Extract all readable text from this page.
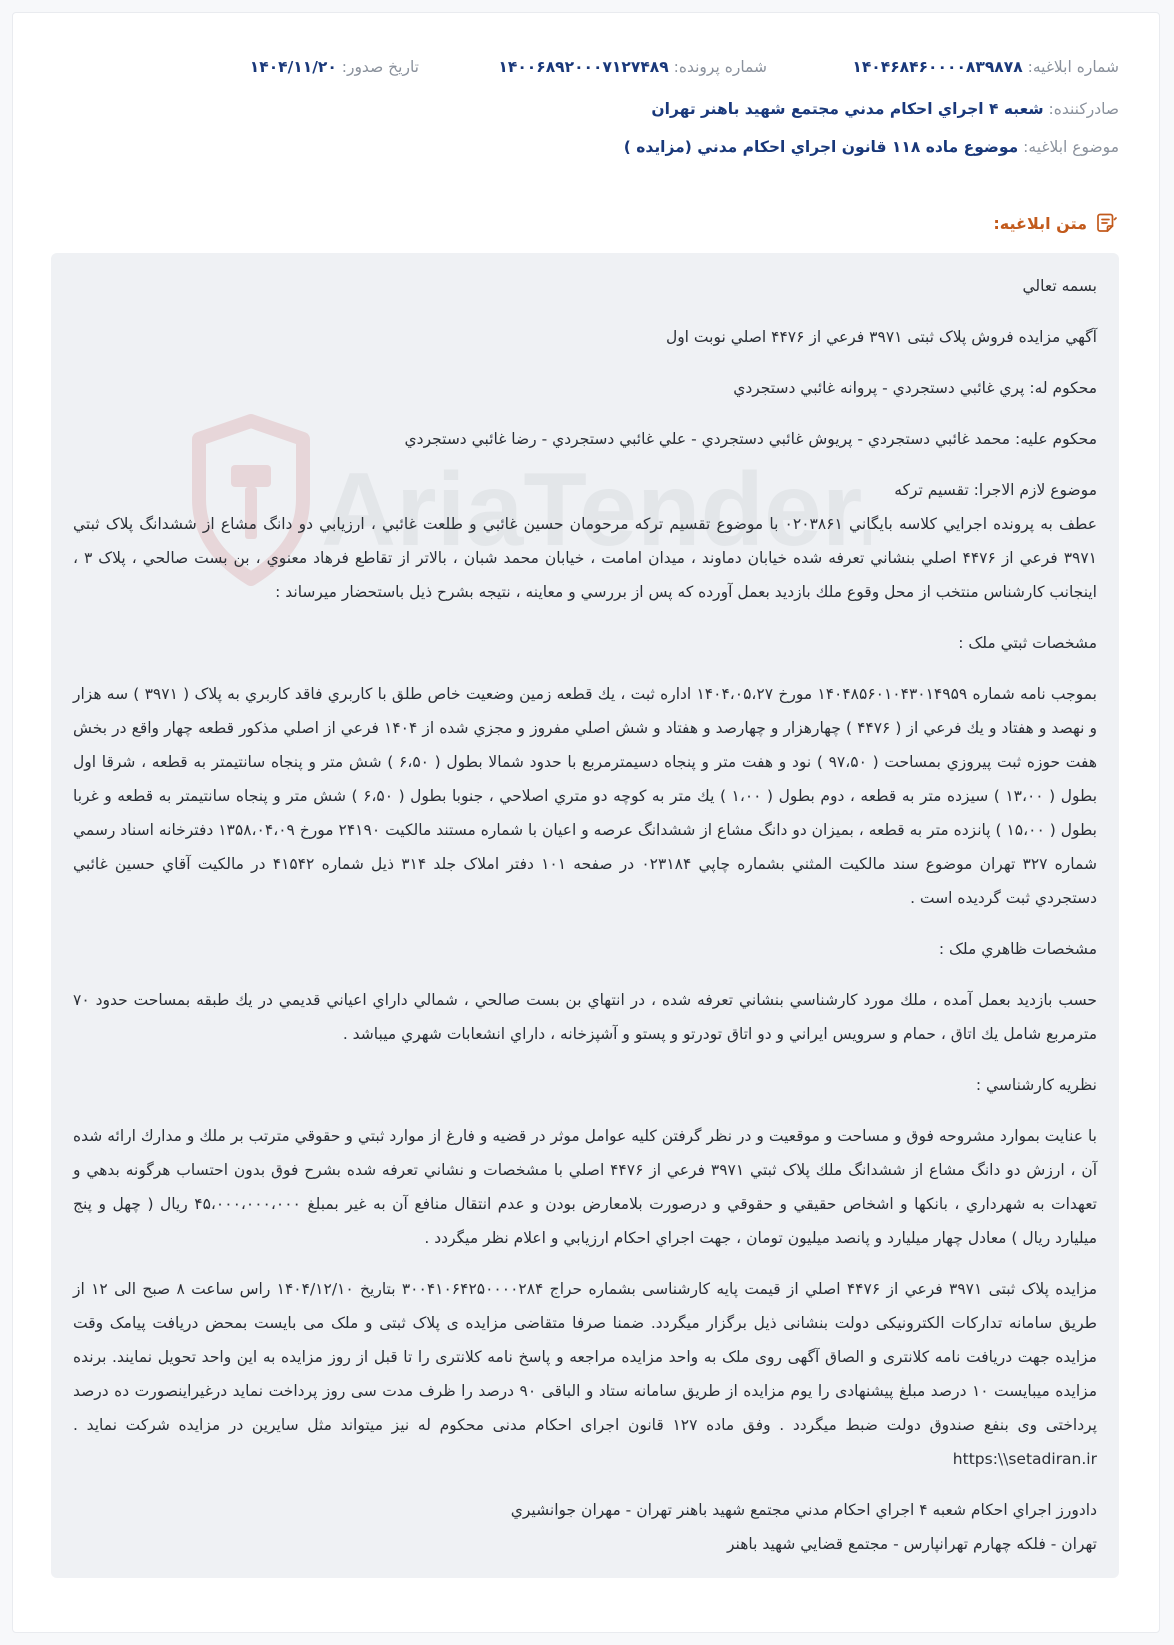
شماره ابلاغيه: ۱۴۰۴۶۸۴۶۰۰۰۰۸۳۹۸۷۸
شماره پرونده: ۱۴۰۰۶۸۹۲۰۰۰۷۱۲۷۴۸۹
تاريخ صدور: ۱۴۰۴/۱۱/۲۰
صادرکننده: شعبه ۴ اجراي احکام مدني مجتمع شهيد باهنر تهران
موضوع ابلاغيه: موضوع ماده ۱۱۸ قانون اجراي احکام مدني (مزايده )
متن ابلاغيه:
AriaTender

بسمه تعالي

آگهي مزايده فروش پلاک ثبتی ۳۹۷۱ فرعي از ۴۴۷۶ اصلي نوبت اول

محکوم له: پري غائبي دستجردي - پروانه غائبي دستجردي

محکوم عليه: محمد غائبي دستجردي - پريوش غائبي دستجردي - علي غائبي دستجردي - رضا غائبي دستجردي

موضوع لازم الاجرا: تقسيم ترکه

عطف به پرونده اجرايي کلاسه بايگاني ۰۲۰۳۸۶۱ با موضوع تقسيم ترکه مرحومان حسين غائبي و طلعت غائبي ، ارزيابي دو دانگ مشاع از ششدانگ پلاک ثبتي ۳۹۷۱ فرعي از ۴۴۷۶ اصلي بنشاني تعرفه شده خيابان دماوند ، ميدان امامت ، خيابان محمد شبان ، بالاتر از تقاطع فرهاد معنوي ، بن بست صالحي ، پلاک ۳ ، اينجانب کارشناس منتخب از محل وقوع ملك بازديد بعمل آورده که پس از بررسي و معاينه ، نتيجه بشرح ذيل باستحضار ميرساند :

مشخصات ثبتي ملک :

بموجب نامه شماره ۱۴۰۴۸۵۶۰۱۰۴۳۰۱۴۹۵۹ مورخ ۱۴۰۴،۰۵،۲۷ اداره ثبت ، يك قطعه زمين وضعيت خاص طلق با کاربري فاقد کاربري به پلاک ( ۳۹۷۱ ) سه هزار و نهصد و هفتاد و يك فرعي از ( ۴۴۷۶ ) چهارهزار و چهارصد و هفتاد و شش اصلي مفروز و مجزي شده از ۱۴۰۴ فرعي از اصلي مذکور قطعه چهار واقع در بخش هفت حوزه ثبت پيروزي بمساحت ( ۹۷،۵۰ ) نود و هفت متر و پنجاه دسيمترمربع با حدود شمالا بطول ( ۶،۵۰ ) شش متر و پنجاه سانتيمتر به قطعه ، شرقا اول بطول ( ۱۳،۰۰ ) سيزده متر به قطعه ، دوم بطول ( ۱،۰۰ ) يك متر به کوچه دو متري اصلاحي ، جنوبا بطول ( ۶،۵۰ ) شش متر و پنجاه سانتيمتر به قطعه و غربا بطول ( ۱۵،۰۰ ) پانزده متر به قطعه ، بميزان دو دانگ مشاع از ششدانگ عرصه و اعيان با شماره مستند مالکيت ۲۴۱۹۰ مورخ ۱۳۵۸،۰۴،۰۹ دفترخانه اسناد رسمي شماره ۳۲۷ تهران موضوع سند مالکيت المثني بشماره چاپي ۰۲۳۱۸۴ در صفحه ۱۰۱ دفتر املاک جلد ۳۱۴ ذيل شماره ۴۱۵۴۲ در مالکيت آقاي حسين غائبي دستجردي ثبت گرديده است .

مشخصات ظاهري ملک :

حسب بازديد بعمل آمده ، ملك مورد کارشناسي بنشاني تعرفه شده ، در انتهاي بن بست صالحي ، شمالي داراي اعياني قديمي در يك طبقه بمساحت حدود ۷۰ مترمربع شامل يك اتاق ، حمام و سرويس ايراني و دو اتاق تودرتو و پستو و آشپزخانه ، داراي انشعابات شهري ميباشد .

نظريه کارشناسي :

با عنايت بموارد مشروحه فوق و مساحت و موقعيت و در نظر گرفتن کليه عوامل موثر در قضيه و فارغ از موارد ثبتي و حقوقي مترتب بر ملك و مدارك ارائه شده آن ، ارزش دو دانگ مشاع از ششدانگ ملك پلاک ثبتي ۳۹۷۱ فرعي از ۴۴۷۶ اصلي با مشخصات و نشاني تعرفه شده بشرح فوق بدون احتساب هرگونه بدهي و تعهدات به شهرداري ، بانکها و اشخاص حقيقي و حقوقي و درصورت بلامعارض بودن و عدم انتقال منافع آن به غير بمبلغ ۴۵،۰۰۰،۰۰۰،۰۰۰ ريال ( چهل و پنج ميليارد ريال ) معادل چهار ميليارد و پانصد ميليون تومان ، جهت اجراي احکام ارزيابي و اعلام نظر ميگردد .

مزايده پلاک ثبتی ۳۹۷۱ فرعي از ۴۴۷۶ اصلي از قيمت پايه کارشناسی بشماره حراج ۳۰۰۴۱۰۶۴۲۵۰۰۰۰۲۸۴ بتاريخ ۱۴۰۴/۱۲/۱۰ راس ساعت ۸ صبح الی ۱۲ از طريق سامانه تدارکات الکترونيکی دولت بنشانی ذيل برگزار ميگردد. ضمنا صرفا متقاضی مزايده ی پلاک ثبتی و ملک می بايست بمحض دريافت پيامک وقت مزايده جهت دريافت نامه کلانتری و الصاق آگهی روی ملک به واحد مزايده مراجعه و پاسخ نامه کلانتری را تا قبل از روز مزايده به اين واحد تحويل نمايند. برنده مزايده ميبايست ۱۰ درصد مبلغ پيشنهادی را يوم مزايده از طريق سامانه ستاد و الباقی ۹۰ درصد را ظرف مدت سی روز پرداخت نمايد درغيراينصورت ده درصد پرداختی وی بنفع صندوق دولت ضبط ميگردد . وفق ماده ۱۲۷ قانون اجرای احکام مدنی محکوم له نيز ميتواند مثل سايرين در مزايده شرکت نمايد . https:\\setadiran.ir

دادورز اجراي احکام شعبه ۴ اجراي احکام مدني مجتمع شهيد باهنر تهران - مهران جوانشيري

تهران - فلکه چهارم تهرانپارس - مجتمع قضايي شهيد باهنر
